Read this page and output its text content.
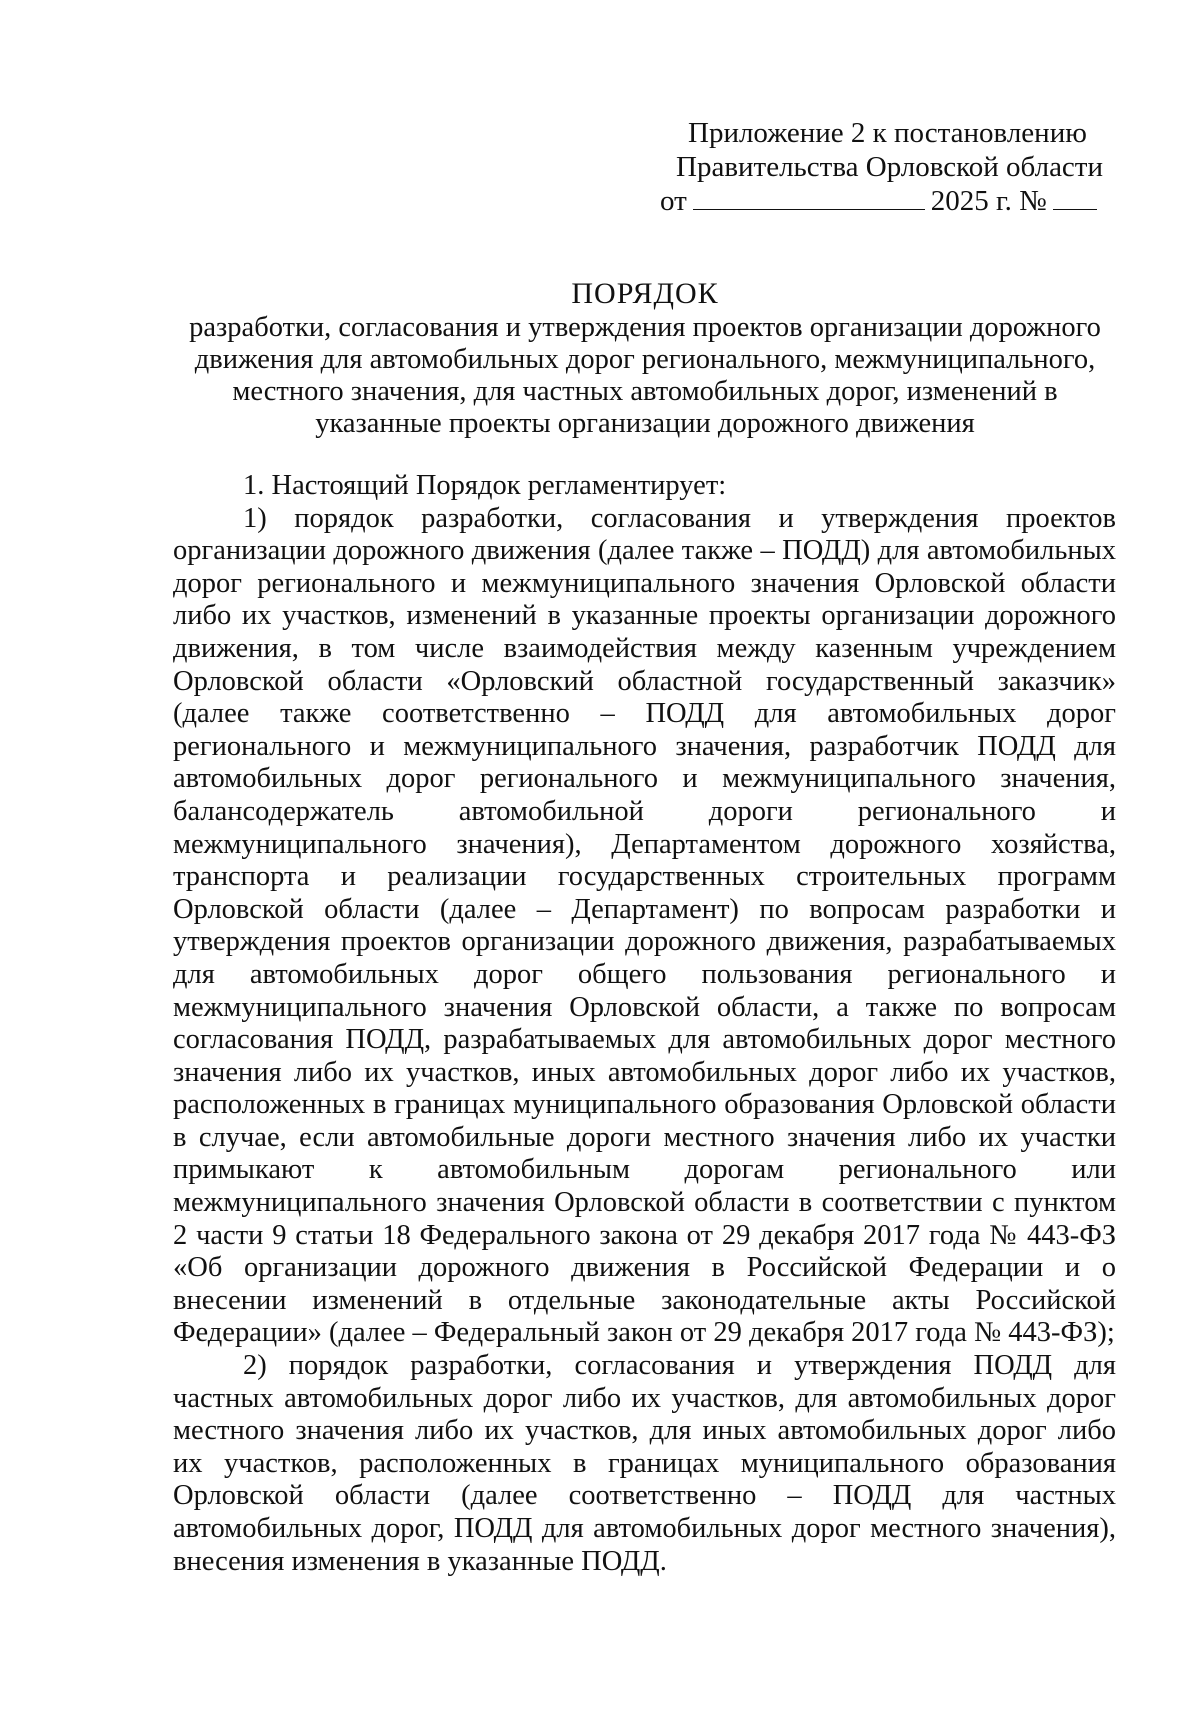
Приложение 2 к постановлению
Правительства Орловской области
от	2025 г. №
ПОРЯДОК
разработки, согласования и утверждения проектов организации дорожного
движения для автомобильных дорог регионального, межмуниципального,
местного значения, для частных автомобильных дорог, изменений в
указанные проекты организации дорожного движения

1. Настоящий Порядок регламентирует:

1) порядок разработки, согласования и утверждения проектов организации дорожного движения (далее также – ПОДД) для автомобильных дорог регионального и межмуниципального значения Орловской области либо их участков, изменений в указанные проекты организации дорожного движения, в том числе взаимодействия между казенным учреждением Орловской области «Орловский областной государственный заказчик» (далее также соответственно – ПОДД для автомобильных дорог регионального и межмуниципального значения, разработчик ПОДД для автомобильных дорог регионального и межмуниципального значения, балансодержатель автомобильной дороги регионального и межмуниципального значения), Департаментом дорожного хозяйства, транспорта и реализации государственных строительных программ Орловской области (далее – Департамент) по вопросам разработки и утверждения проектов организации дорожного движения, разрабатываемых для автомобильных дорог общего пользования регионального и межмуниципального значения Орловской области, а также по вопросам согласования ПОДД, разрабатываемых для автомобильных дорог местного значения либо их участков, иных автомобильных дорог либо их участков, расположенных в границах муниципального образования Орловской области в случае, если автомобильные дороги местного значения либо их участки примыкают к автомобильным дорогам регионального или межмуниципального значения Орловской области в соответствии с пунктом 2 части 9 статьи 18 Федерального закона от 29 декабря 2017 года № 443-ФЗ «Об организации дорожного движения в Российской Федерации и о внесении изменений в отдельные законодательные акты Российской Федерации» (далее – Федеральный закон от 29 декабря 2017 года № 443-ФЗ);

2) порядок разработки, согласования и утверждения ПОДД для частных автомобильных дорог либо их участков, для автомобильных дорог местного значения либо их участков, для иных автомобильных дорог либо их участков, расположенных в границах муниципального образования Орловской области (далее соответственно – ПОДД для частных автомобильных дорог, ПОДД для автомобильных дорог местного значения), внесения изменения в указанные ПОДД.
